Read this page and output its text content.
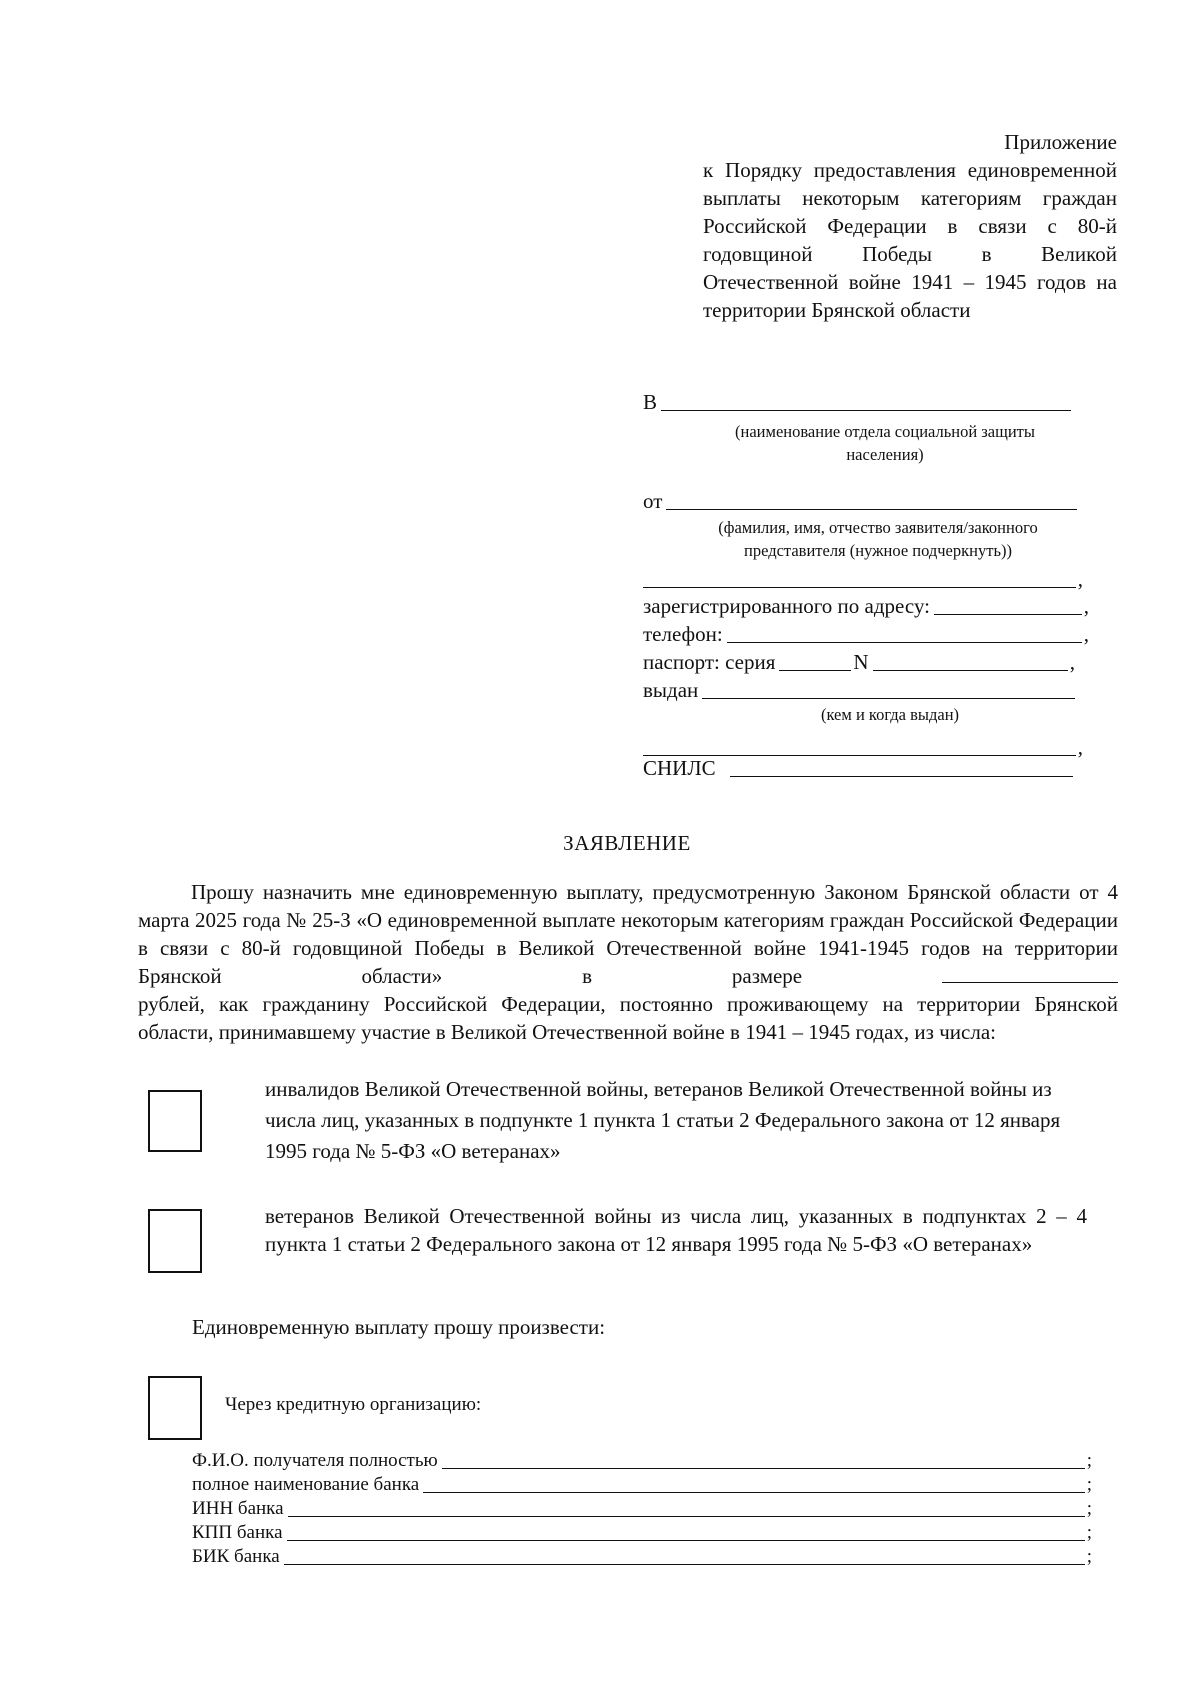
Приложение
к Порядку предоставления единовременной выплаты некоторым категориям граждан Российской Федерации в связи с 80-й годовщиной Победы в Великой Отечественной войне 1941 – 1945 годов на территории Брянской области
В
(наименование отдела социальной защиты населения)
от
(фамилия, имя, отчество заявителя/законного представителя (нужное подчеркнуть))
,
зарегистрированного по адресу:	,
телефон:	,
паспорт: серия	N	,
выдан
(кем и когда выдан)
,
СНИЛС
ЗАЯВЛЕНИЕ
Прошу назначить мне единовременную выплату, предусмотренную Законом Брянской области от 4 марта 2025 года № 25-З «О единовременной выплате некоторым категориям граждан Российской Федерации в связи с 80-й годовщиной Победы в Великой Отечественной войне 1941-1945 годов на территории Брянской области» в размере
рублей, как гражданину Российской Федерации, постоянно проживающему на территории Брянской области, принимавшему участие в Великой Отечественной войне в 1941 – 1945 годах, из числа:
инвалидов Великой Отечественной войны, ветеранов Великой Отечественной войны из числа лиц, указанных в подпункте 1 пункта 1 статьи 2 Федерального закона от 12 января 1995 года № 5-ФЗ «О ветеранах»
ветеранов Великой Отечественной войны из числа лиц, указанных в подпунктах 2 – 4 пункта 1 статьи 2 Федерального закона от 12 января 1995 года № 5-ФЗ «О ветеранах»
Единовременную выплату прошу произвести:
Через кредитную организацию:
Ф.И.О. получателя полностью	;
полное наименование банка	;
ИНН банка	;
КПП банка	;
БИК банка	;
